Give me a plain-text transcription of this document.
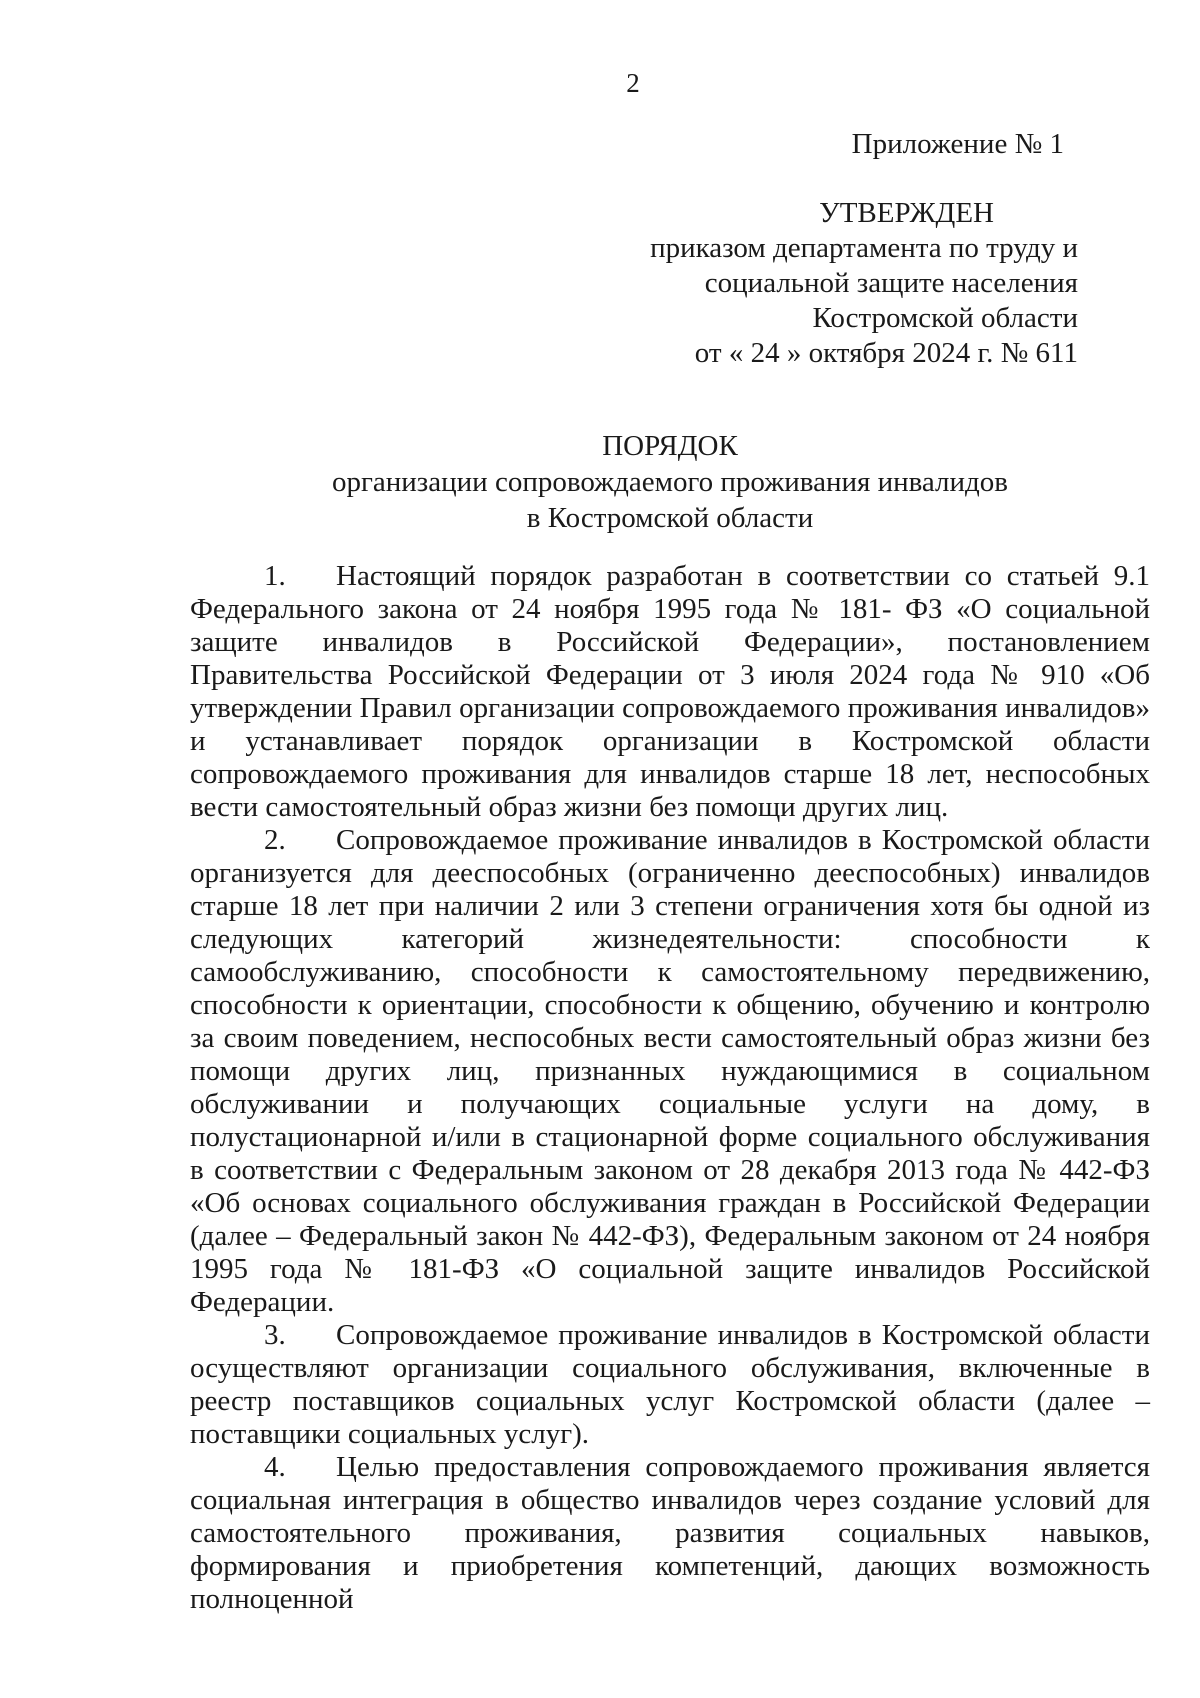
2
Приложение № 1
УТВЕРЖДЕН
приказом департамента по труду и
социальной защите населения
Костромской области
от « 24 » октября 2024 г. № 611
ПОРЯДОК
организации сопровождаемого проживания инвалидов
в Костромской области

1. Настоящий порядок разработан в соответствии со статьей 9.1 Федерального закона от 24 ноября 1995 года № 181- ФЗ «О социальной защите инвалидов в Российской Федерации», постановлением Правительства Российской Федерации от 3 июля 2024 года № 910 «Об утверждении Правил организации сопровождаемого проживания инвалидов» и устанавливает порядок организации в Костромской области сопровождаемого проживания для инвалидов старше 18 лет, неспособных вести самостоятельный образ жизни без помощи других лиц.

2. Сопровождаемое проживание инвалидов в Костромской области организуется для дееспособных (ограниченно дееспособных) инвалидов старше 18 лет при наличии 2 или 3 степени ограничения хотя бы одной из следующих категорий жизнедеятельности: способности к самообслуживанию, способности к самостоятельному передвижению, способности к ориентации, способности к общению, обучению и контролю за своим поведением, неспособных вести самостоятельный образ жизни без помощи других лиц, признанных нуждающимися в социальном обслуживании и получающих социальные услуги на дому, в полустационарной и/или в стационарной форме социального обслуживания в соответствии с Федеральным законом от 28 декабря 2013 года № 442-ФЗ «Об основах социального обслуживания граждан в Российской Федерации (далее – Федеральный закон № 442-ФЗ), Федеральным законом от 24 ноября 1995 года № 181-ФЗ «О социальной защите инвалидов Российской Федерации.

3. Сопровождаемое проживание инвалидов в Костромской области осуществляют организации социального обслуживания, включенные в реестр поставщиков социальных услуг Костромской области (далее – поставщики социальных услуг).

4. Целью предоставления сопровождаемого проживания является социальная интеграция в общество инвалидов через создание условий для самостоятельного проживания, развития социальных навыков, формирования и приобретения компетенций, дающих возможность полноценной
